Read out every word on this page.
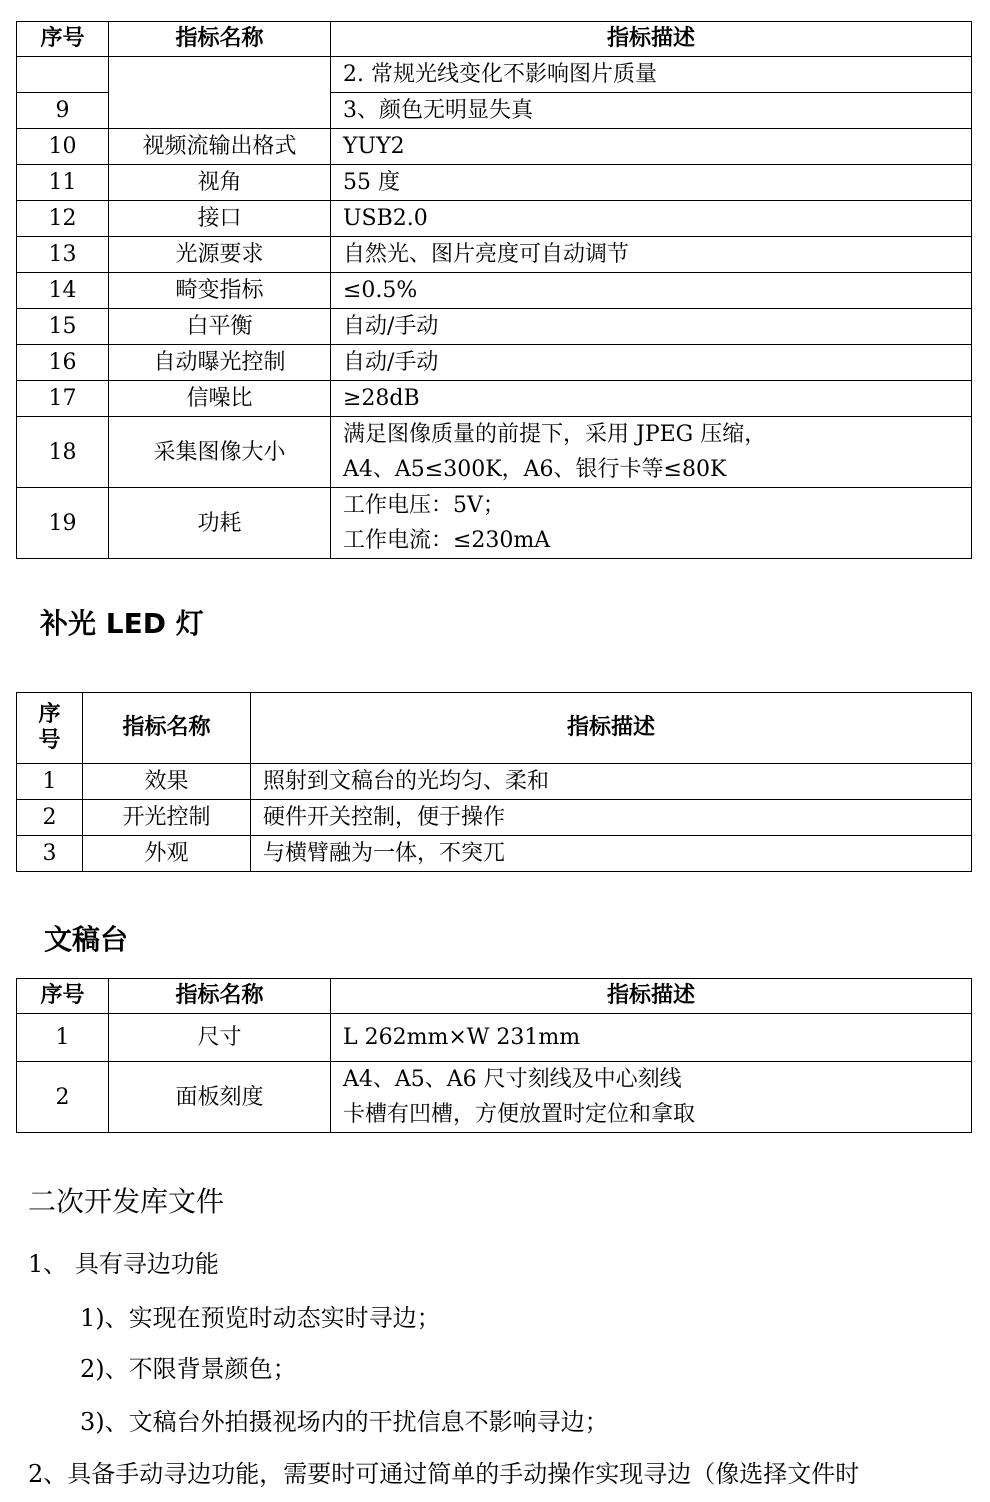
序号	指标名称	指标描述
		2. 常规光线变化不影响图片质量
9		3、颜色无明显失真
10	视频流输出格式	YUY2
11	视角	55 度
12	接口	USB2.0
13	光源要求	自然光、图片亮度可自动调节
14	畸变指标	≤0.5%
15	白平衡	自动/手动
16	自动曝光控制	自动/手动
17	信噪比	≥28dB
18	采集图像大小	满足图像质量的前提下，采用 JPEG 压缩，
A4、A5≤300K，A6、银行卡等≤80K

19	功耗	工作电压：5V；
工作电流：≤230mA
补光 LED 灯
序
号	指标名称	指标描述
1	效果	照射到文稿台的光均匀、柔和
2	开光控制	硬件开关控制，便于操作
3	外观	与横臂融为一体，不突兀
文稿台
序号	指标名称	指标描述
1	尺寸	L 262mm×W 231mm
2	面板刻度	A4、A5、A6 尺寸刻线及中心刻线
卡槽有凹槽，方便放置时定位和拿取
二次开发库文件
1、 具有寻边功能
1)、实现在预览时动态实时寻边；
2)、不限背景颜色；
3)、文稿台外拍摄视场内的干扰信息不影响寻边；
2、具备手动寻边功能，需要时可通过简单的手动操作实现寻边（像选择文件时
